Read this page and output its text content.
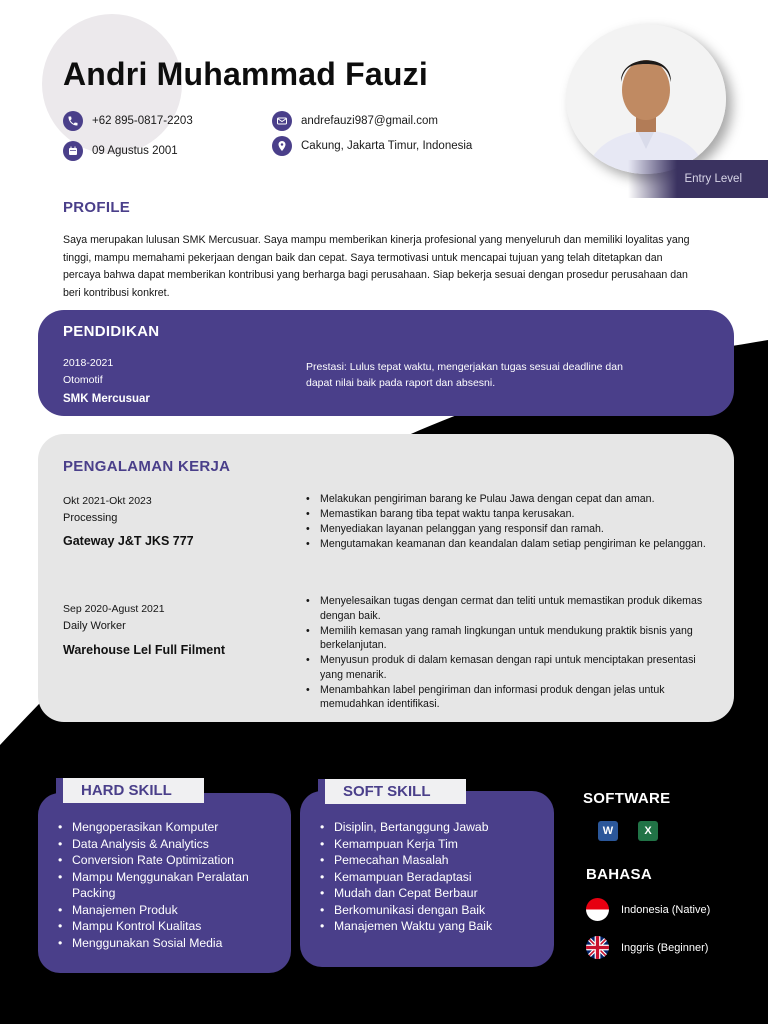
Andri Muhammad Fauzi
+62 895-0817-2203
09 Agustus 2001
andrefauzi987@gmail.com
Cakung, Jakarta Timur, Indonesia
Entry Level
PROFILE
Saya merupakan lulusan SMK Mercusuar. Saya mampu memberikan kinerja profesional yang menyeluruh dan memiliki loyalitas yang tinggi, mampu memahami pekerjaan dengan baik dan cepat. Saya termotivasi untuk mencapai tujuan yang telah ditetapkan dan percaya bahwa dapat memberikan kontribusi yang berharga bagi perusahaan. Siap bekerja sesuai dengan prosedur perusahaan dan beri kontribusi konkret.
PENDIDIKAN
2018-2021
Otomotif
SMK Mercusuar
Prestasi: Lulus tepat waktu, mengerjakan tugas sesuai deadline dan dapat nilai baik pada raport dan absesni.
PENGALAMAN KERJA
Okt 2021-Okt 2023
Processing
Gateway J&T JKS 777
• Melakukan pengiriman barang ke Pulau Jawa dengan cepat dan aman.
• Memastikan barang tiba tepat waktu tanpa kerusakan.
• Menyediakan layanan pelanggan yang responsif dan ramah.
• Mengutamakan keamanan dan keandalan dalam setiap pengiriman ke pelanggan.
Sep 2020-Agust 2021
Daily Worker
Warehouse Lel Full Filment
• Menyelesaikan tugas dengan cermat dan teliti untuk memastikan produk dikemas dengan baik.
• Memilih kemasan yang ramah lingkungan untuk mendukung praktik bisnis yang berkelanjutan.
• Menyusun produk di dalam kemasan dengan rapi untuk menciptakan presentasi yang menarik.
• Menambahkan label pengiriman dan informasi produk dengan jelas untuk memudahkan identifikasi.
• Mengoperasikan Komputer
• Data Analysis & Analytics
• Conversion Rate Optimization
• Mampu Menggunakan Peralatan Packing
• Manajemen Produk
• Mampu Kontrol Kualitas
• Menggunakan Sosial Media
HARD SKILL
• Disiplin, Bertanggung Jawab
• Kemampuan Kerja Tim
• Pemecahan Masalah
• Kemampuan Beradaptasi
• Mudah dan Cepat Berbaur
• Berkomunikasi dengan Baik
• Manajemen Waktu yang Baik
SOFT SKILL	SOFTWARE
W	X
BAHASA
Indonesia (Native)
Inggris (Beginner)
